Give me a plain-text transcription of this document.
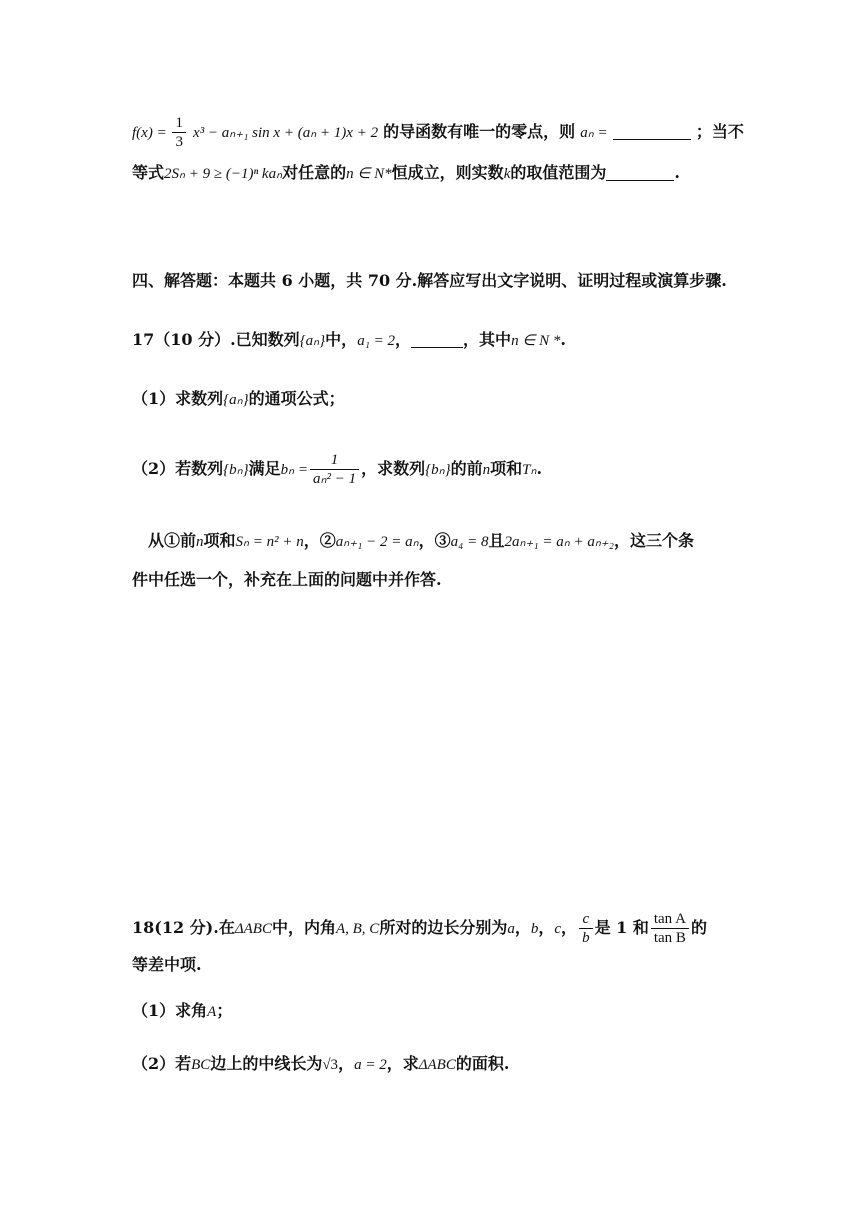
$f(x) = \frac{1}{3} x^3 - a_{n+1}$ sin x + (aₙ + 1)x + 2 的导函数有唯一的零点，则 aₙ =	；当不
等式2Sₙ + 9 ≥ (−1)ⁿ kaₙ对任意的n ∈ N*恒成立，则实数k的取值范围为	.
四、解答题：本题共 6 小题，共 70 分.解答应写出文字说明、证明过程或演算步骤.
17（10 分）.已知数列{aₙ}中，a₁ = 2，	，其中n ∈ N *.
（1）求数列{aₙ}的通项公式；
（2）若数列{bₙ}满足$b_n = \frac{1}{\text{aₙ² − 1}}$ ，求数列{bₙ}的前n项和Tₙ.
从①前n项和Sₙ = n² + n，②aₙ₊₁ − 2 = aₙ，③a₄ = 8且2aₙ₊₁ = aₙ + aₙ₊₂，这三个条
件中任选一个，补充在上面的问题中并作答.
18(12 分).在ΔABC中，内角A, B, C所对的边长分别为a，b，c， $\frac{c}{b}$ 是 1 和 $\frac{\text{tan A}}{\text{tan B}}$ 的
等差中项.
（1）求角A；
（2）若BC边上的中线长为√3，a = 2，求ΔABC的面积.
